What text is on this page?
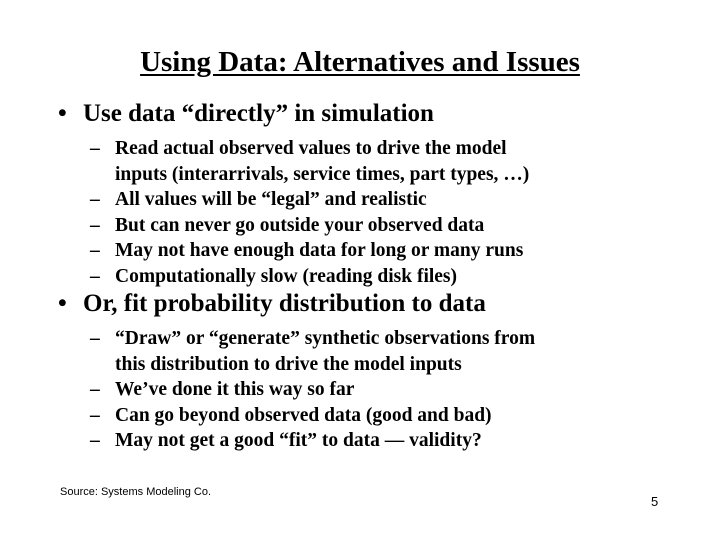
Using Data: Alternatives and Issues
• Use data “directly” in simulation
– Read actual observed values to drive the model
inputs (interarrivals, service times, part types, …)
– All values will be “legal” and realistic
– But can never go outside your observed data
– May not have enough data for long or many runs
– Computationally slow (reading disk files)
• Or, fit probability distribution to data
– “Draw” or “generate” synthetic observations from
this distribution to drive the model inputs
– We’ve done it this way so far
– Can go beyond observed data (good and bad)
– May not get a good “fit” to data — validity?
Source: Systems Modeling Co.
5
